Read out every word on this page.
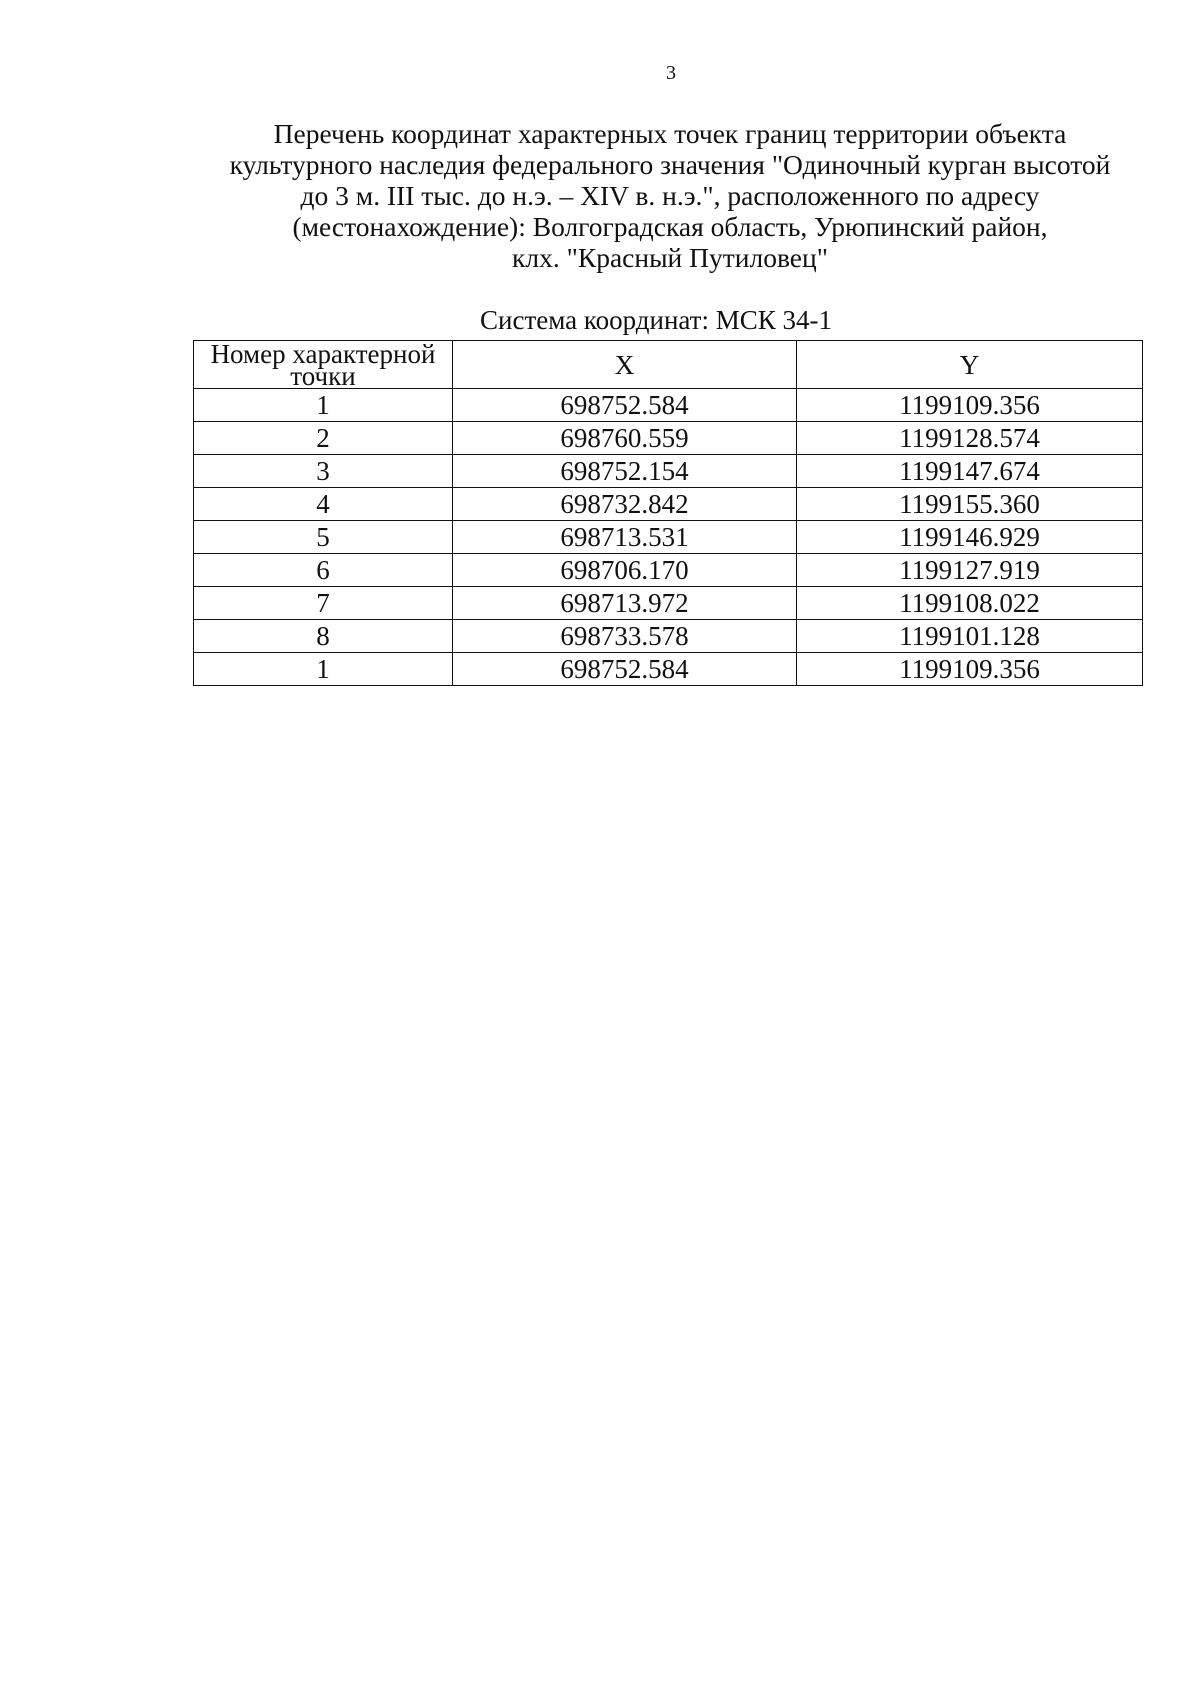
3
Перечень координат характерных точек границ территории объекта
культурного наследия федерального значения "Одиночный курган высотой
до 3 м. III тыс. до н.э. – XIV в. н.э.", расположенного по адресу
(местонахождение): Волгоградская область, Урюпинский район,
клх. "Красный Путиловец"
Система координат: МСК 34-1
Номер характерной
точки	X	Y
1	698752.584	1199109.356
2	698760.559	1199128.574
3	698752.154	1199147.674
4	698732.842	1199155.360
5	698713.531	1199146.929
6	698706.170	1199127.919
7	698713.972	1199108.022
8	698733.578	1199101.128
1	698752.584	1199109.356
